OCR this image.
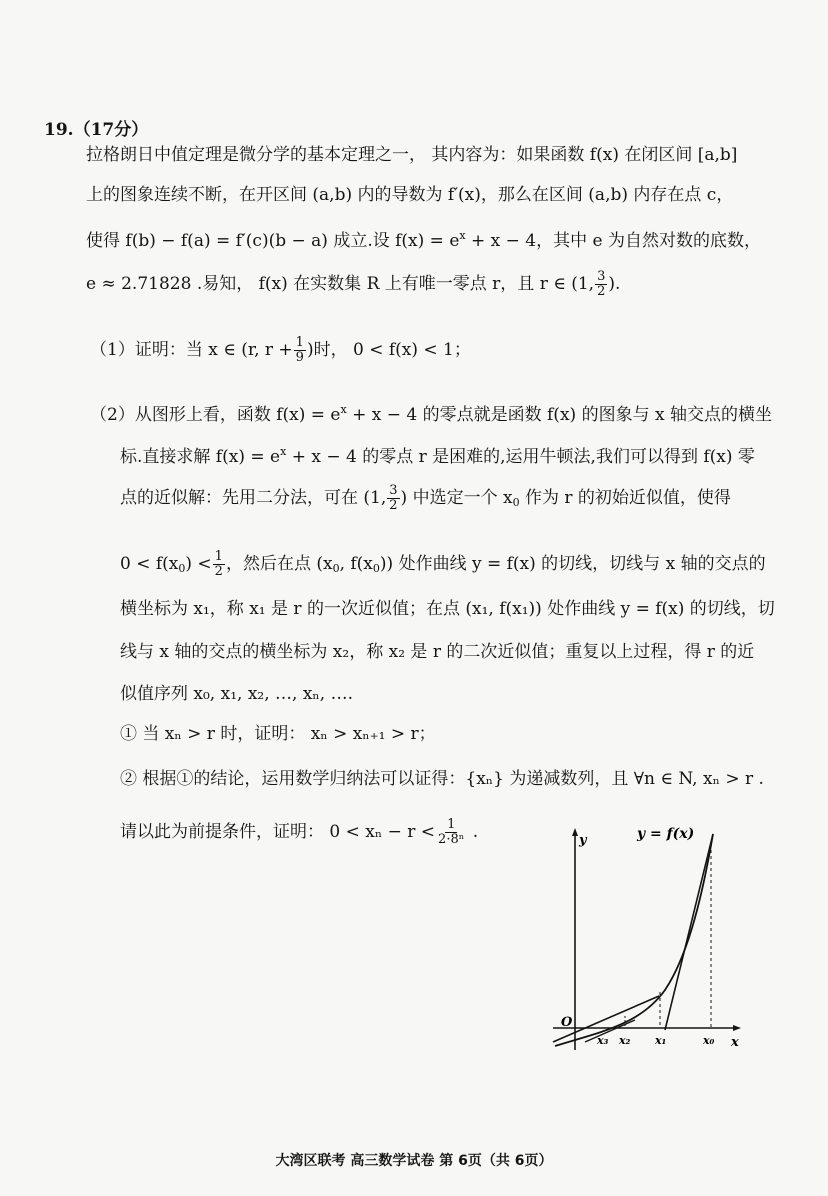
19.（17分）
拉格朗日中值定理是微分学的基本定理之一， 其内容为：如果函数 f(x) 在闭区间 [a,b]
上的图象连续不断，在开区间 (a,b) 内的导数为 f′(x)，那么在区间 (a,b) 内存在点 c，
使得 f(b) − f(a) = f′(c)(b − a) 成立.设 $f(x) = e^x + x - 4$，其中 e 为自然对数的底数，
e ≈ 2.71828 .易知， f(x) 在实数集 R 上有唯一零点 r，且 r ∈ (1, $\frac{3}{2}$ ).
（1）证明：当 x ∈ (r, $r + \frac{1}{9}$ )时， 0 < f(x) < 1；
（2）从图形上看，函数 $f(x) = e^x + x - 4$ 的零点就是函数 f(x) 的图象与 x 轴交点的横坐
标.直接求解 $f(x) = e^x + x - 4$ 的零点 r 是困难的,运用牛顿法,我们可以得到 f(x) 零
点的近似解：先用二分法，可在 (1, $\frac{3}{2}$ ) 中选定一个 $x_0$ 作为 r 的初始近似值，使得
$0 < f(x_0) < \frac{1}{2}$ ，然后在点 ($x_0$, $f(x_0)$) 处作曲线 y = f(x) 的切线，切线与 x 轴的交点的
横坐标为 x₁，称 x₁ 是 r 的一次近似值；在点 (x₁, f(x₁)) 处作曲线 y = f(x) 的切线，切
线与 x 轴的交点的横坐标为 x₂，称 x₂ 是 r 的二次近似值；重复以上过程，得 r 的近
似值序列 x₀, x₁, x₂, …, xₙ, ….
① 当 xₙ > r 时，证明： xₙ > xₙ₊₁ > r；
② 根据①的结论，运用数学归纳法可以证得：{xₙ} 为递减数列，且 ∀n ∈ N, xₙ > r .
请以此为前提条件，证明： $0 < x_n - r < \frac{1}{\text{2·8ⁿ}}$ .	y = f(x)
y
x
O
x₃ x₂ x₁	x₀
大湾区联考 高三数学试卷 第 6页（共 6页）
